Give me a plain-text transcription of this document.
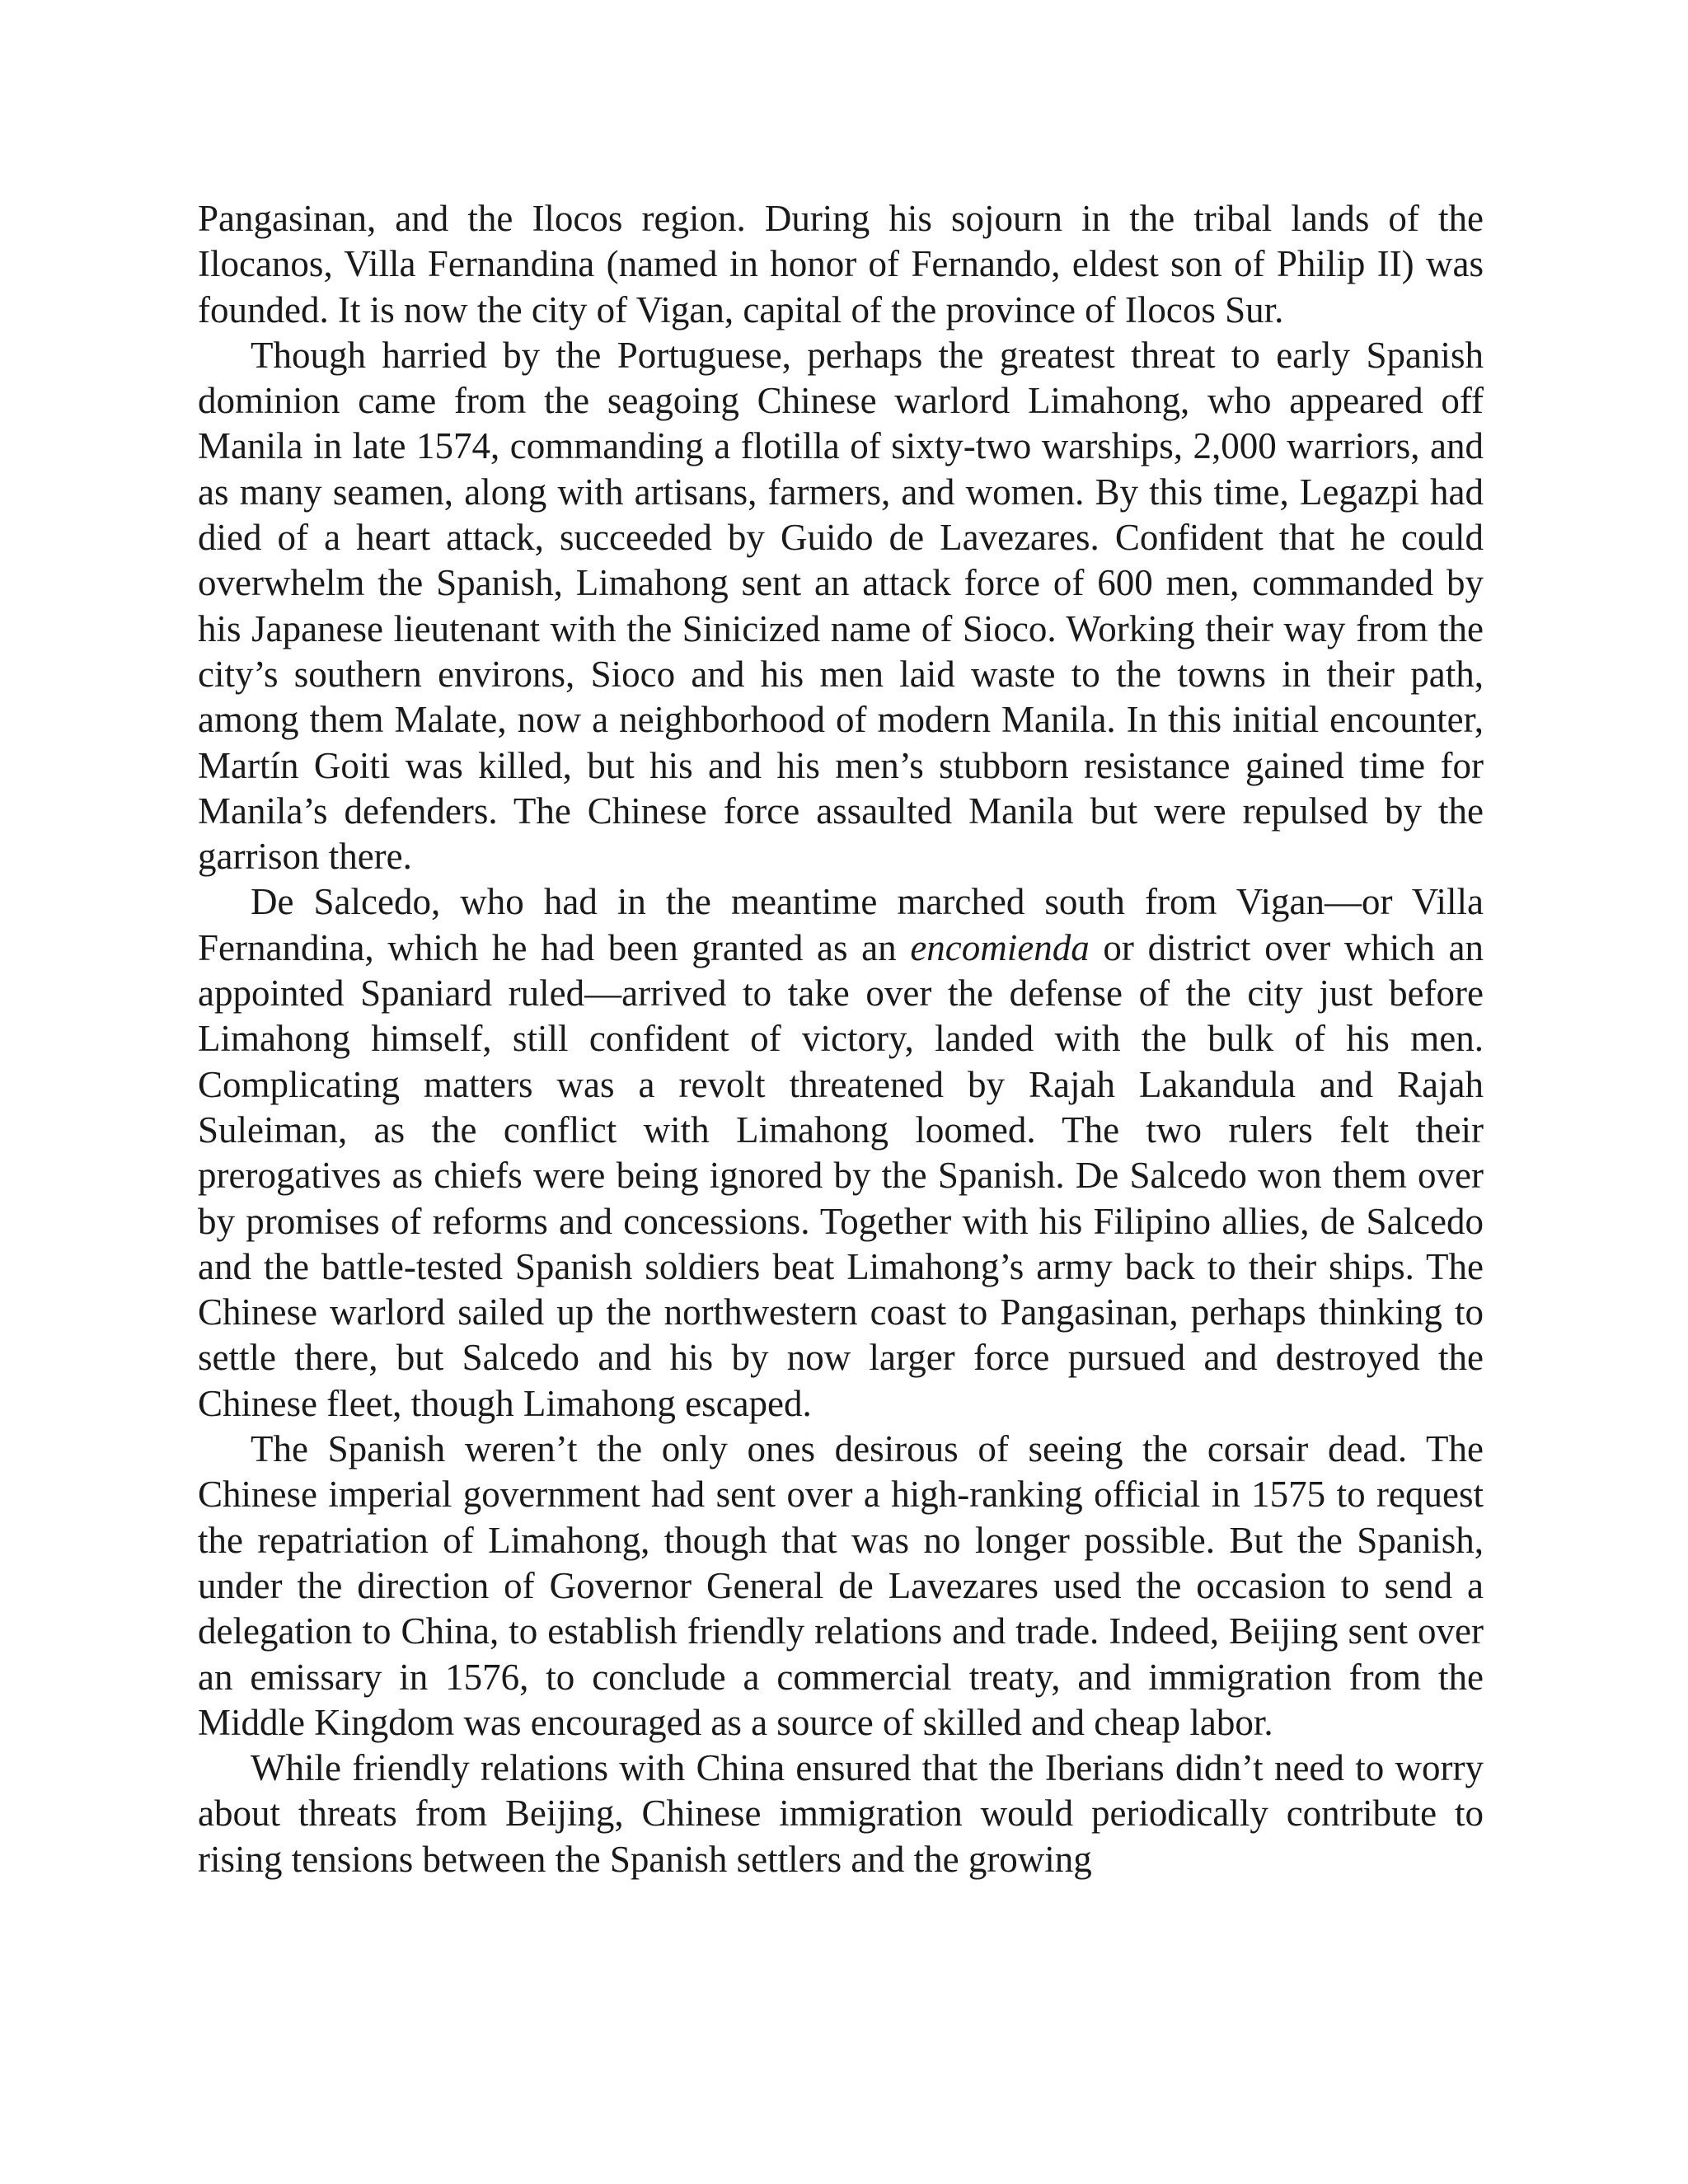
Pangasinan, and the Ilocos region. During his sojourn in the tribal lands of the Ilocanos, Villa Fernandina (named in honor of Fernando, eldest son of Philip II) was founded. It is now the city of Vigan, capital of the province of Ilocos Sur.

Though harried by the Portuguese, perhaps the greatest threat to early Spanish dominion came from the seagoing Chinese warlord Limahong, who appeared off Manila in late 1574, commanding a flotilla of sixty-two warships, 2,000 warriors, and as many seamen, along with artisans, farmers, and women. By this time, Legazpi had died of a heart attack, succeeded by Guido de Lavezares. Confident that he could overwhelm the Spanish, Limahong sent an attack force of 600 men, commanded by his Japanese lieutenant with the Sinicized name of Sioco. Working their way from the city’s southern environs, Sioco and his men laid waste to the towns in their path, among them Malate, now a neighborhood of modern Manila. In this initial encounter, Martín Goiti was killed, but his and his men’s stubborn resistance gained time for Manila’s defenders. The Chinese force assaulted Manila but were repulsed by the garrison there.

De Salcedo, who had in the meantime marched south from Vigan—or Villa Fernandina, which he had been granted as an encomienda or district over which an appointed Spaniard ruled—arrived to take over the defense of the city just before Limahong himself, still confident of victory, landed with the bulk of his men. Complicating matters was a revolt threatened by Rajah Lakandula and Rajah Suleiman, as the conflict with Limahong loomed. The two rulers felt their prerogatives as chiefs were being ignored by the Spanish. De Salcedo won them over by promises of reforms and concessions. Together with his Filipino allies, de Salcedo and the battle-tested Spanish soldiers beat Limahong’s army back to their ships. The Chinese warlord sailed up the northwestern coast to Pangasinan, perhaps thinking to settle there, but Salcedo and his by now larger force pursued and destroyed the Chinese fleet, though Limahong escaped.

The Spanish weren’t the only ones desirous of seeing the corsair dead. The Chinese imperial government had sent over a high-ranking official in 1575 to request the repatriation of Limahong, though that was no longer possible. But the Spanish, under the direction of Governor General de Lavezares used the occasion to send a delegation to China, to establish friendly relations and trade. Indeed, Beijing sent over an emissary in 1576, to conclude a commercial treaty, and immigration from the Middle Kingdom was encouraged as a source of skilled and cheap labor.

While friendly relations with China ensured that the Iberians didn’t need to worry about threats from Beijing, Chinese immigration would periodically contribute to rising tensions between the Spanish settlers and the growing
